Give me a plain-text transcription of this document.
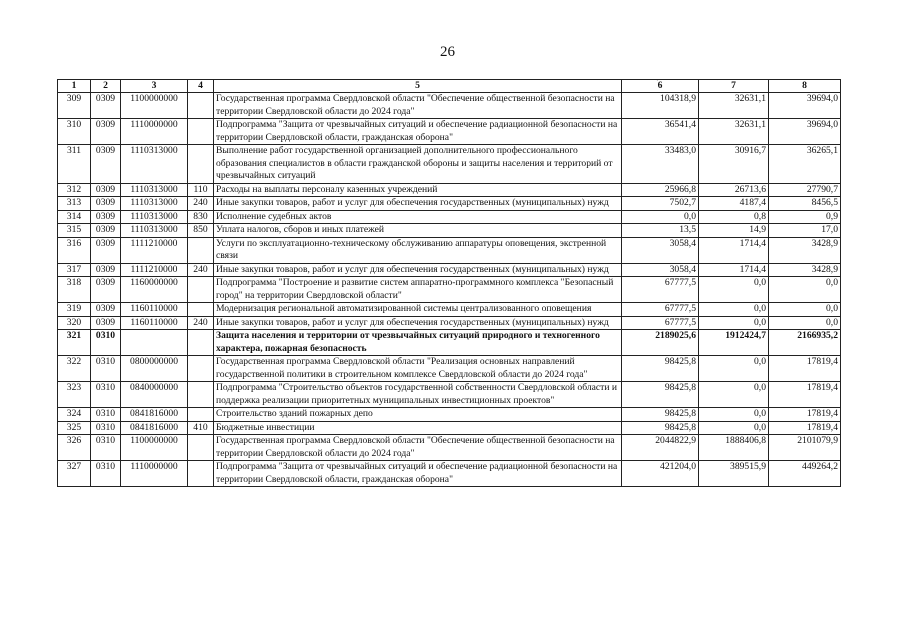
26
·
1	2	3	4	5	6	7	8
309	0309	1100000000		Государственная программа Свердловской области "Обеспечение общественной безопасности на территории Свердловской области до 2024 года"	104318,9	32631,1	39694,0
310	0309	1110000000		Подпрограмма "Защита от чрезвычайных ситуаций и обеспечение радиационной безопасности на территории Свердловской области, гражданская оборона"	36541,4	32631,1	39694,0
311	0309	1110313000		Выполнение работ государственной организацией дополнительного профессионального образования специалистов в области гражданской обороны и защиты населения и территорий от чрезвычайных ситуаций	33483,0	30916,7	36265,1
312	0309	1110313000	110	Расходы на выплаты персоналу казенных учреждений	25966,8	26713,6	27790,7
313	0309	1110313000	240	Иные закупки товаров, работ и услуг для обеспечения государственных (муниципальных) нужд	7502,7	4187,4	8456,5
314	0309	1110313000	830	Исполнение судебных актов	0,0	0,8	0,9
315	0309	1110313000	850	Уплата налогов, сборов и иных платежей	13,5	14,9	17,0
316	0309	1111210000		Услуги по эксплуатационно-техническому обслуживанию аппаратуры оповещения, экстренной связи	3058,4	1714,4	3428,9
317	0309	1111210000	240	Иные закупки товаров, работ и услуг для обеспечения государственных (муниципальных) нужд	3058,4	1714,4	3428,9
318	0309	1160000000		Подпрограмма "Построение и развитие систем аппаратно-программного комплекса "Безопасный город" на территории Свердловской области"	67777,5	0,0	0,0
319	0309	1160110000		Модернизация региональной автоматизированной системы централизованного оповещения	67777,5	0,0	0,0
320	0309	1160110000	240	Иные закупки товаров, работ и услуг для обеспечения государственных (муниципальных) нужд	67777,5	0,0	0,0
321	0310			Защита населения и территории от чрезвычайных ситуаций природного и техногенного характера, пожарная безопасность	2189025,6	1912424,7	2166935,2
322	0310	0800000000		Государственная программа Свердловской области "Реализация основных направлений государственной политики в строительном комплексе Свердловской области до 2024 года"	98425,8	0,0	17819,4
323	0310	0840000000		Подпрограмма "Строительство объектов государственной собственности Свердловской области и поддержка реализации приоритетных муниципальных инвестиционных проектов"	98425,8	0,0	17819,4
324	0310	0841816000		Строительство зданий пожарных депо	98425,8	0,0	17819,4
325	0310	0841816000	410	Бюджетные инвестиции	98425,8	0,0	17819,4
326	0310	1100000000		Государственная программа Свердловской области "Обеспечение общественной безопасности на территории Свердловской области до 2024 года"	2044822,9	1888406,8	2101079,9
327	0310	1110000000		Подпрограмма "Защита от чрезвычайных ситуаций и обеспечение радиационной безопасности на территории Свердловской области, гражданская оборона"	421204,0	389515,9	449264,2
